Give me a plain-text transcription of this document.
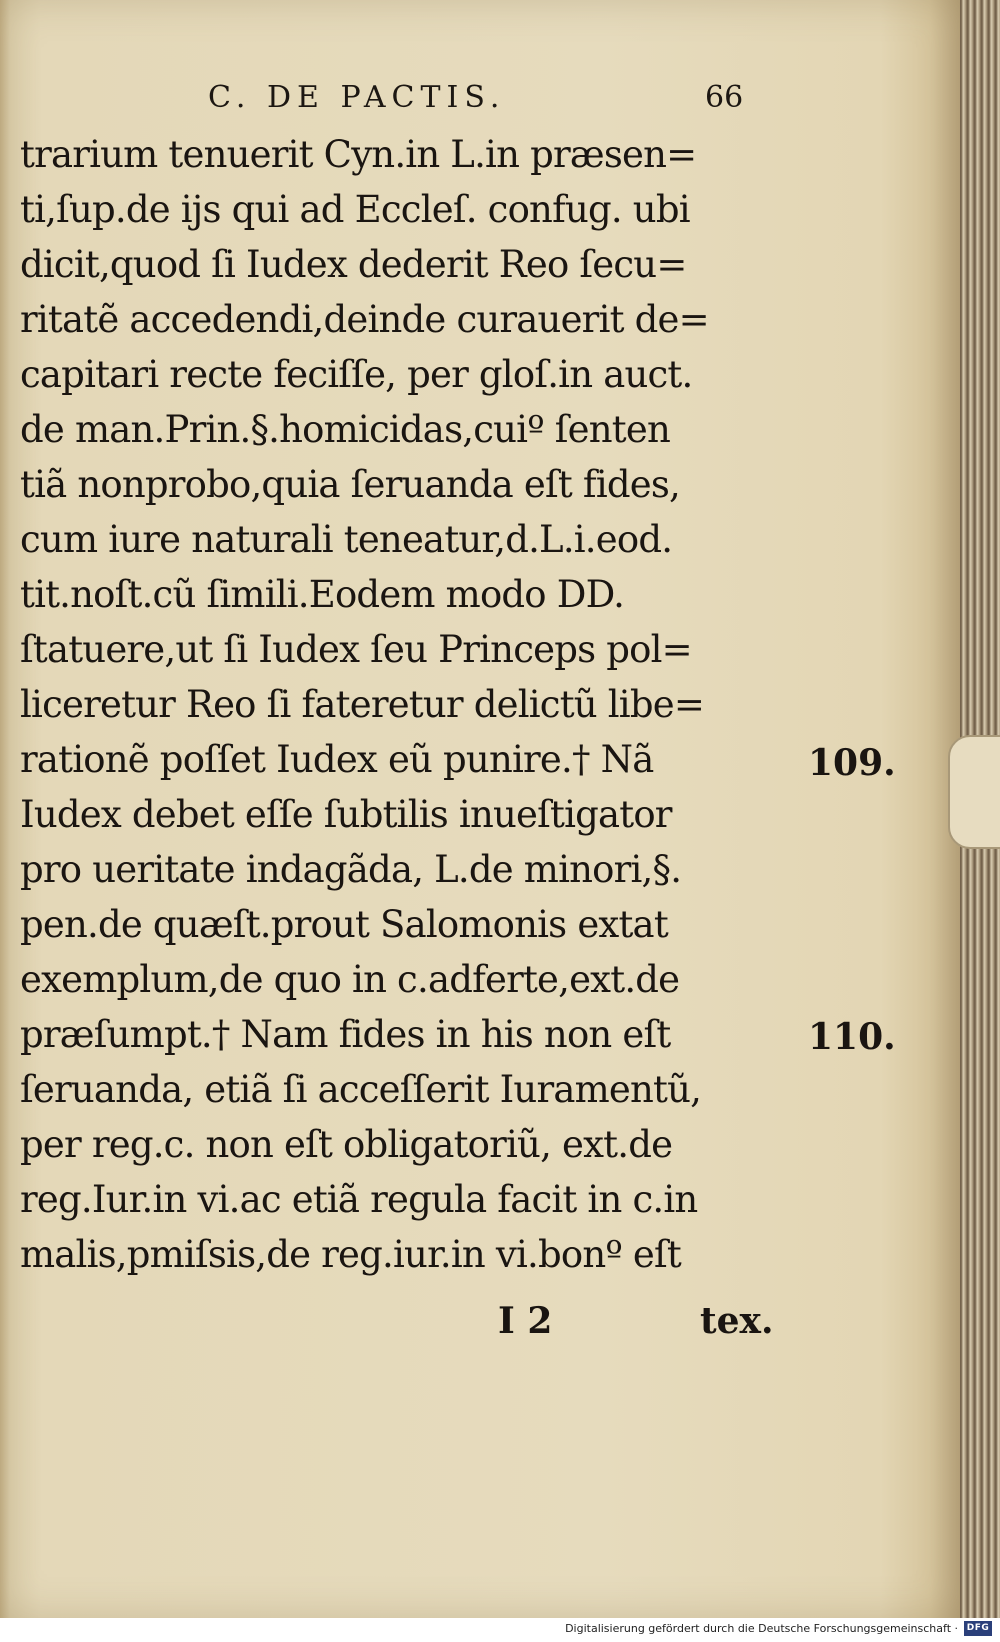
C. DE PACTIS.	66
trarium tenuerit Cyn.in L.in præsen=
ti,ſup.de ijs qui ad Eccleſ. confug. ubi
dicit,quod ſi Iudex dederit Reo ſecu=
ritatẽ accedendi,deinde curauerit de=
capitari recte feciſſe, per gloſ.in auct.
de man.Prin.§.homicidas,cuiº ſenten
tiã nonprobo,quia ſeruanda eſt fides,
cum iure naturali teneatur,d.L.i.eod.
tit.noſt.cũ ſimili.Eodem modo DD.
ſtatuere,ut ſi Iudex ſeu Princeps pol=
liceretur Reo ſi fateretur delictũ libe=
rationẽ poſſet Iudex eũ punire.† Nã
Iudex debet eſſe ſubtilis inueſtigator
pro ueritate indagãda, L.de minori,§.
pen.de quæſt.prout Salomonis extat
exemplum,de quo in c.adferte,ext.de
præſumpt.† Nam fides in his non eſt
ſeruanda, etiã ſi acceſſerit Iuramentũ,
per reg.c. non eſt obligatoriũ, ext.de
reg.Iur.in vi.ac etiã regula facit in c.in
malis,pmiſsis,de reg.iur.in vi.bonº eſt
109.
110.
I 2	tex.
Digitalisierung gefördert durch die Deutsche Forschungsgemeinschaft · DFG
